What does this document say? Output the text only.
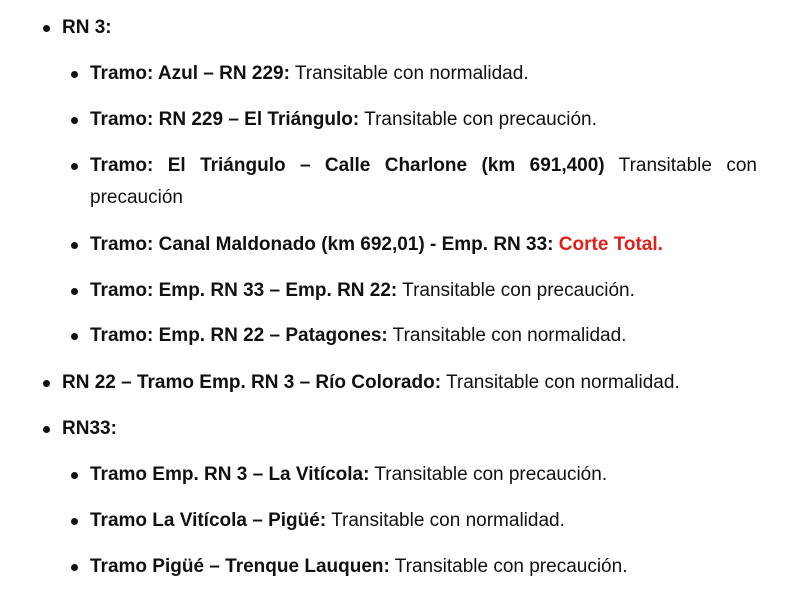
RN 3:
Tramo: Azul – RN 229: Transitable con normalidad.
Tramo: RN 229 – El Triángulo: Transitable con precaución.
Tramo: El Triángulo – Calle Charlone (km 691,400) Transitable con
precaución
Tramo: Canal Maldonado (km 692,01) - Emp. RN 33: Corte Total.
Tramo: Emp. RN 33 – Emp. RN 22: Transitable con precaución.
Tramo: Emp. RN 22 – Patagones: Transitable con normalidad.
RN 22 – Tramo Emp. RN 3 – Río Colorado: Transitable con normalidad.
RN33:
Tramo Emp. RN 3 – La Vitícola: Transitable con precaución.
Tramo La Vitícola – Pigüé: Transitable con normalidad.
Tramo Pigüé – Trenque Lauquen: Transitable con precaución.
